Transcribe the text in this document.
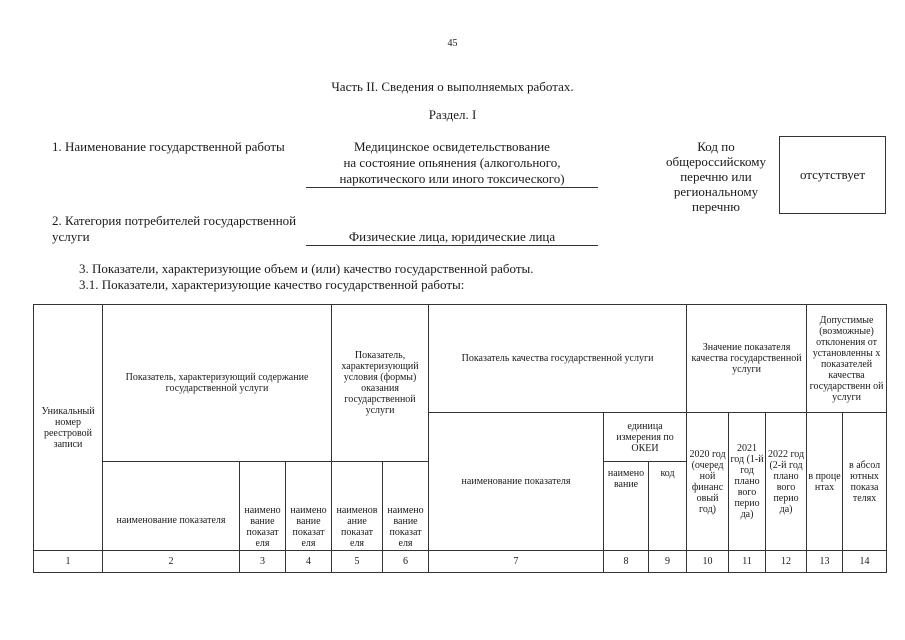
45
Часть II. Сведения о выполняемых работах.
Раздел. I
1. Наименование государственной работы	Медицинское освидетельствование
на состояние опьянения (алкогольного,
наркотического или иного токсического)
Код по
общероссийскому
перечню или
региональному
перечню
отсутствует
2. Категория потребителей государственной
услуги	Физические лица, юридические лица
3. Показатели, характеризующие объем и (или) качество государственной работы.
3.1. Показатели, характеризующие качество государственной работы:
Уникальный номер реестровой записи	Показатель, характеризующий содержание государственной услуги			Показатель, характеризующий условия (формы) оказания государственной услуги		Показатель качества государственной услуги			Значение показателя качества государственной услуги			Допустимые (возможные) отклонения от установленны х показателей качества государственн ой услуги	
						наименование показателя	единица измерения по ОКЕИ		2020 год (очеред ной финанс овый год)	2021 год (1-й год плано вого перио да)	2022 год (2-й год плано вого перио да)	в проце нтах	в абсол ютных показа телях
	наименование показателя	наимено вание показат еля	наимено вание показат еля	наименов ание показат еля	наимено вание показат еля		наимено вание	код					
1	2	3	4	5	6	7	8	9	10	11	12	13	14
